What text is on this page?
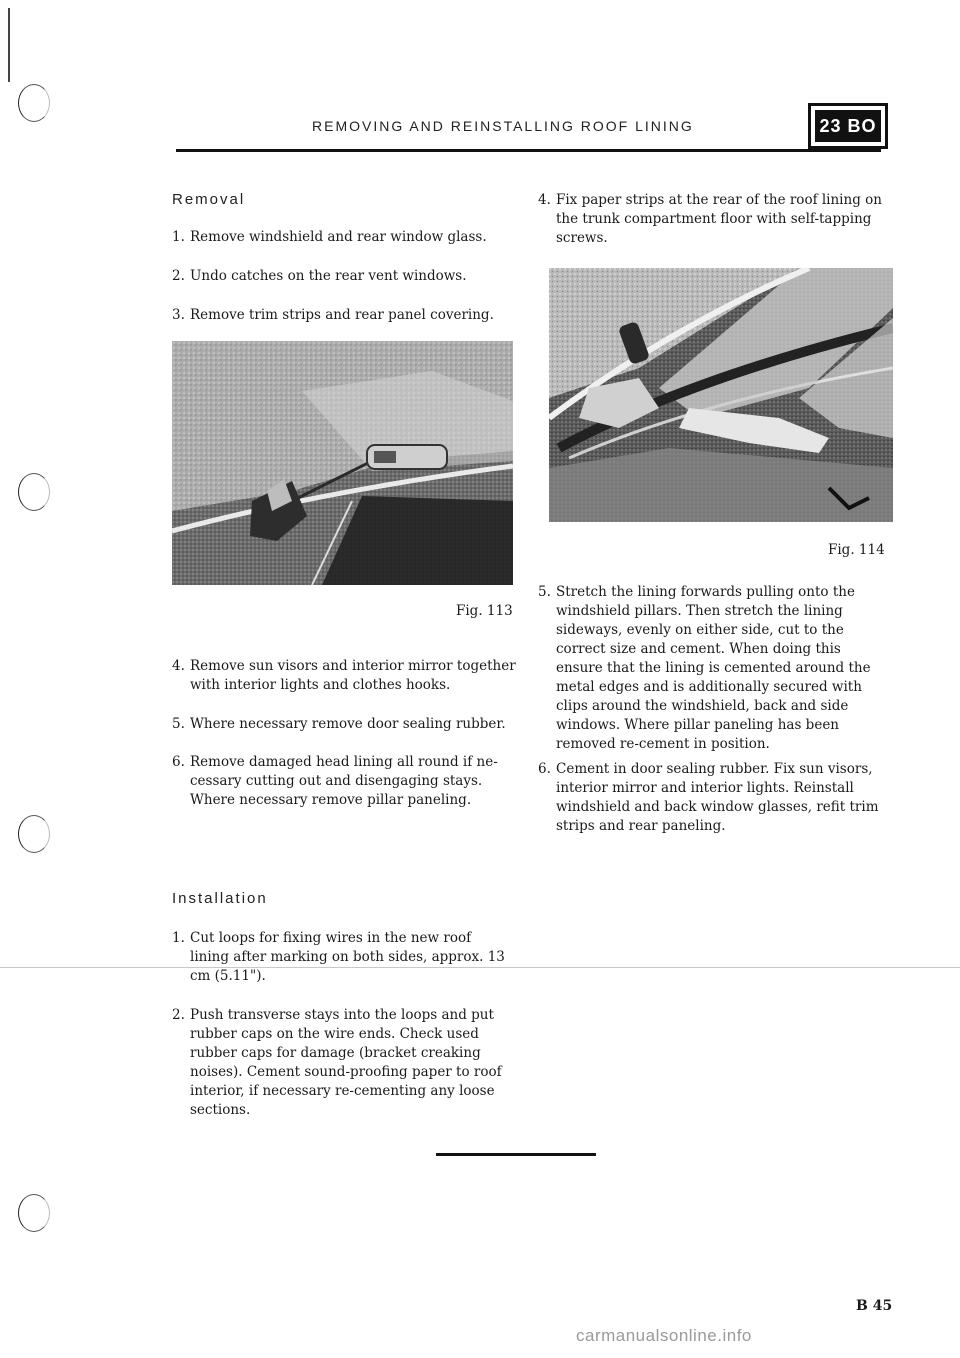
REMOVING AND REINSTALLING ROOF LINING	23 BO
Removal
1. Remove windshield and rear window glass.
2. Undo catches on the rear vent windows.
3. Remove trim strips and rear panel covering.
Fig. 113
4. Remove sun visors and interior mirror together with interior lights and clothes hooks.
5. Where necessary remove door sealing rubber.
6. Remove damaged head lining all round if ne-cessary cutting out and disengaging stays. Where necessary remove pillar paneling.
Installation
1. Cut loops for fixing wires in the new roof lining after marking on both sides, approx. 13 cm (5.11").
2. Push transverse stays into the loops and put rubber caps on the wire ends. Check used rubber caps for damage (bracket creaking noises). Cement sound-proofing paper to roof interior, if necessary re-cementing any loose sections.
4. Fix paper strips at the rear of the roof lining on the trunk compartment floor with self-tapping screws.
Fig. 114
5. Stretch the lining forwards pulling onto the windshield pillars. Then stretch the lining sideways, evenly on either side, cut to the correct size and cement. When doing this ensure that the lining is cemented around the metal edges and is additionally secured with clips around the windshield, back and side windows. Where pillar paneling has been removed re-cement in position.
6. Cement in door sealing rubber. Fix sun visors, interior mirror and interior lights. Reinstall windshield and back window glasses, refit trim strips and rear paneling.
B 45
carmanualsonline.info
